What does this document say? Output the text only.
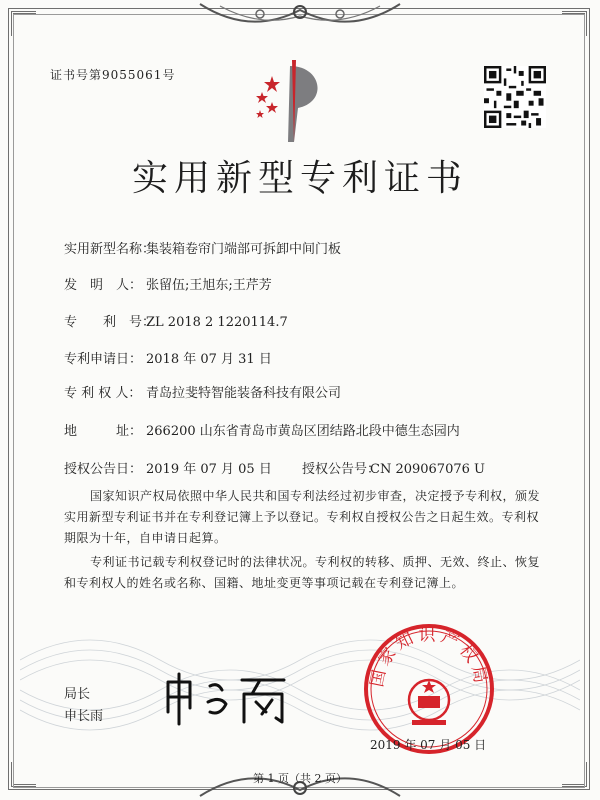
证书号第9055061号
实用新型专利证书
实用新型名称：集装箱卷帘门端部可拆卸中间门板
发　明　人： 张留伍;王旭东;王芹芳
专　　利　号：ZL 2018 2 1220114.7
专利申请日： 2018 年 07 月 31 日
专 利 权 人： 青岛拉斐特智能装备科技有限公司
地　　　址： 266200 山东省青岛市黄岛区团结路北段中德生态园内
授权公告日： 2019 年 07 月 05 日 授权公告号：CN 209067076 U
国家知识产权局依照中华人民共和国专利法经过初步审查，决定授予专利权，颁发实用新型专利证书并在专利登记簿上予以登记。专利权自授权公告之日起生效。专利权期限为十年，自申请日起算。
专利证书记载专利权登记时的法律状况。专利权的转移、质押、无效、终止、恢复和专利权人的姓名或名称、国籍、地址变更等事项记载在专利登记簿上。
局长
申长雨
国家知识产权局
2019 年 07 月 05 日
第 1 页（共 2 页）
